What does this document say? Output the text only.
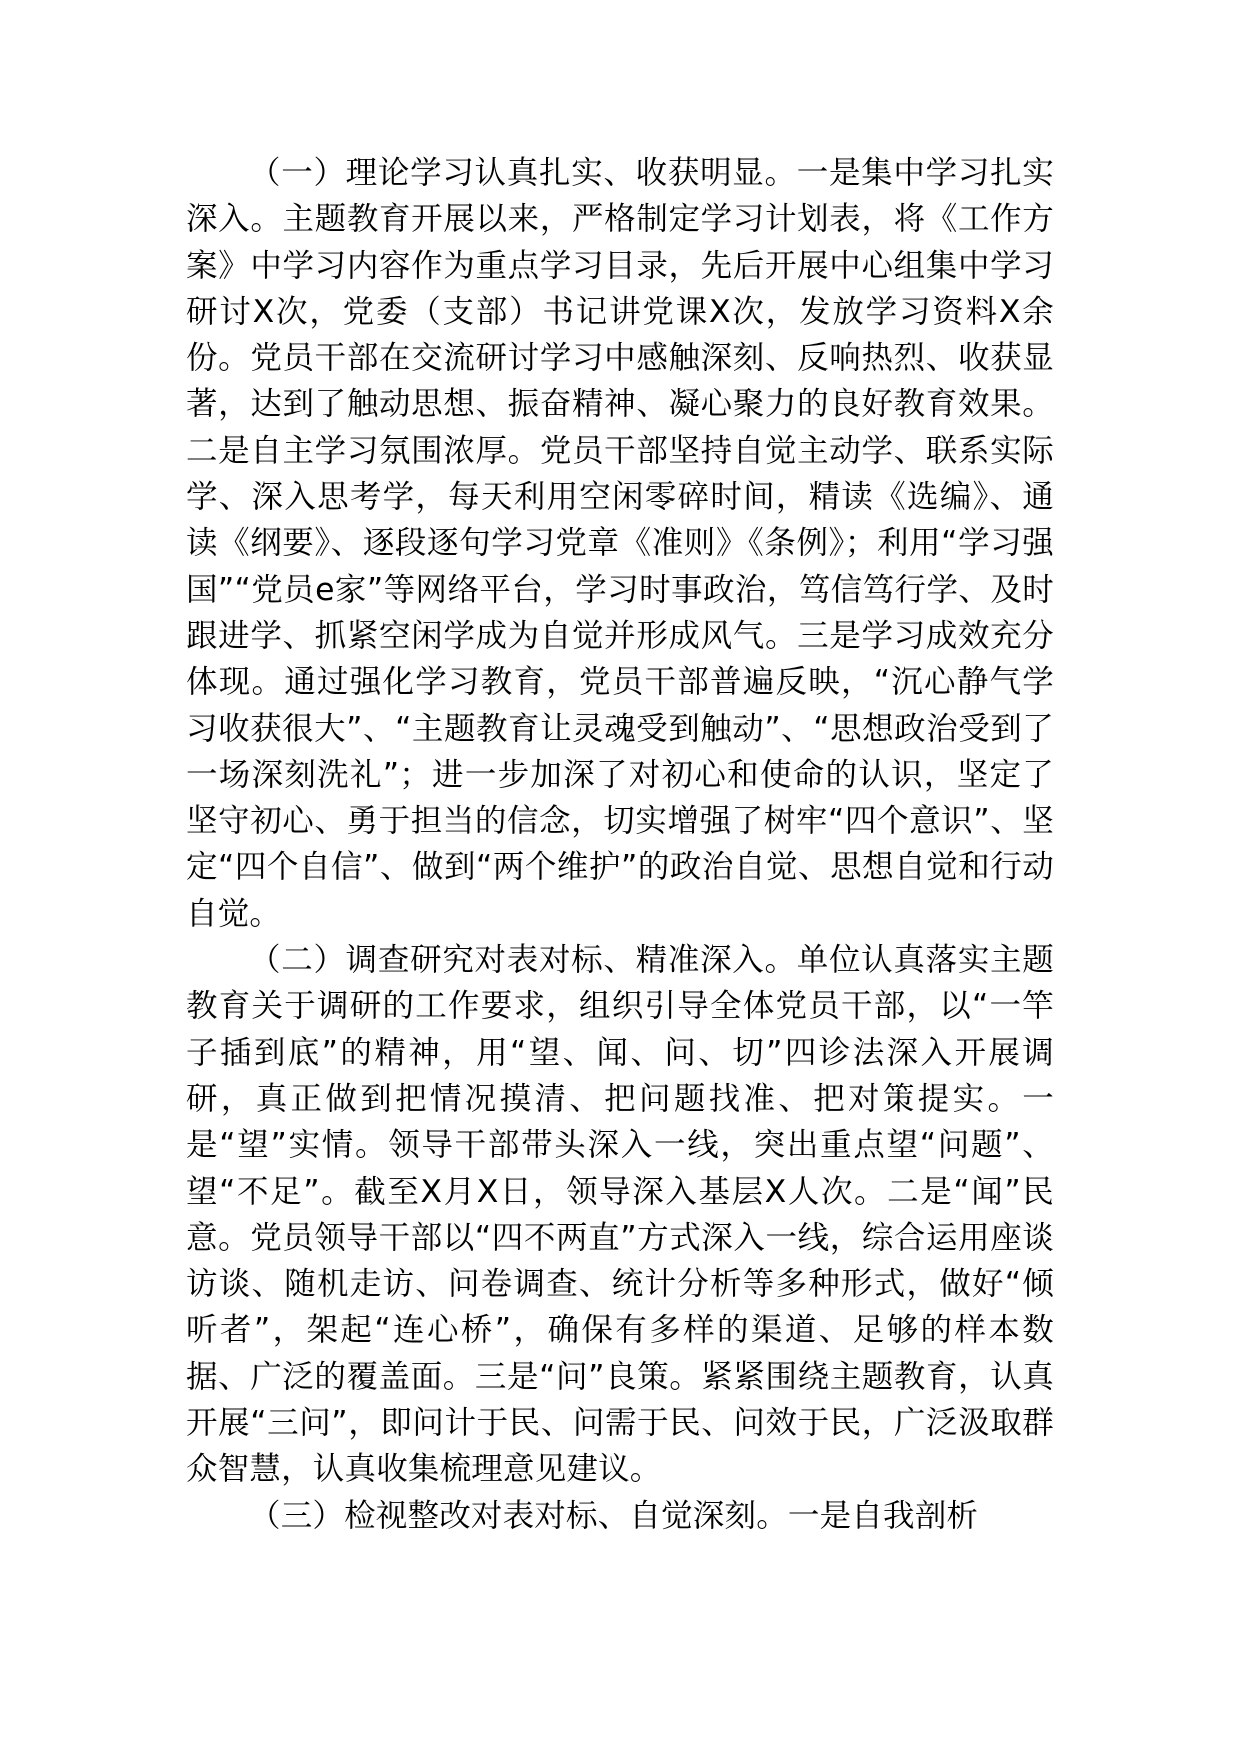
（一）理论学习认真扎实、收获明显。一是集中学习扎实深入。主题教育开展以来，严格制定学习计划表，将《工作方案》中学习内容作为重点学习目录，先后开展中心组集中学习研讨X次，党委（支部）书记讲党课X次，发放学习资料X余份。党员干部在交流研讨学习中感触深刻、反响热烈、收获显著，达到了触动思想、振奋精神、凝心聚力的良好教育效果。二是自主学习氛围浓厚。党员干部坚持自觉主动学、联系实际学、深入思考学，每天利用空闲零碎时间，精读《选编》、通读《纲要》、逐段逐句学习党章《准则》《条例》；利用“学习强国”“党员e家”等网络平台，学习时事政治，笃信笃行学、及时跟进学、抓紧空闲学成为自觉并形成风气。三是学习成效充分体现。通过强化学习教育，党员干部普遍反映，“沉心静气学习收获很大”、“主题教育让灵魂受到触动”、“思想政治受到了一场深刻洗礼”；进一步加深了对初心和使命的认识，坚定了坚守初心、勇于担当的信念，切实增强了树牢“四个意识”、坚定“四个自信”、做到“两个维护”的政治自觉、思想自觉和行动自觉。

（二）调查研究对表对标、精准深入。单位认真落实主题教育关于调研的工作要求，组织引导全体党员干部，以“一竿子插到底”的精神，用“望、闻、问、切”四诊法深入开展调研，真正做到把情况摸清、把问题找准、把对策提实。一是“望”实情。领导干部带头深入一线，突出重点望“问题”、望“不足”。截至X月X日，领导深入基层X人次。二是“闻”民意。党员领导干部以“四不两直”方式深入一线，综合运用座谈访谈、随机走访、问卷调查、统计分析等多种形式，做好“倾听者”，架起“连心桥”，确保有多样的渠道、足够的样本数据、广泛的覆盖面。三是“问”良策。紧紧围绕主题教育，认真开展“三问”，即问计于民、问需于民、问效于民，广泛汲取群众智慧，认真收集梳理意见建议。

（三）检视整改对表对标、自觉深刻。一是自我剖析
